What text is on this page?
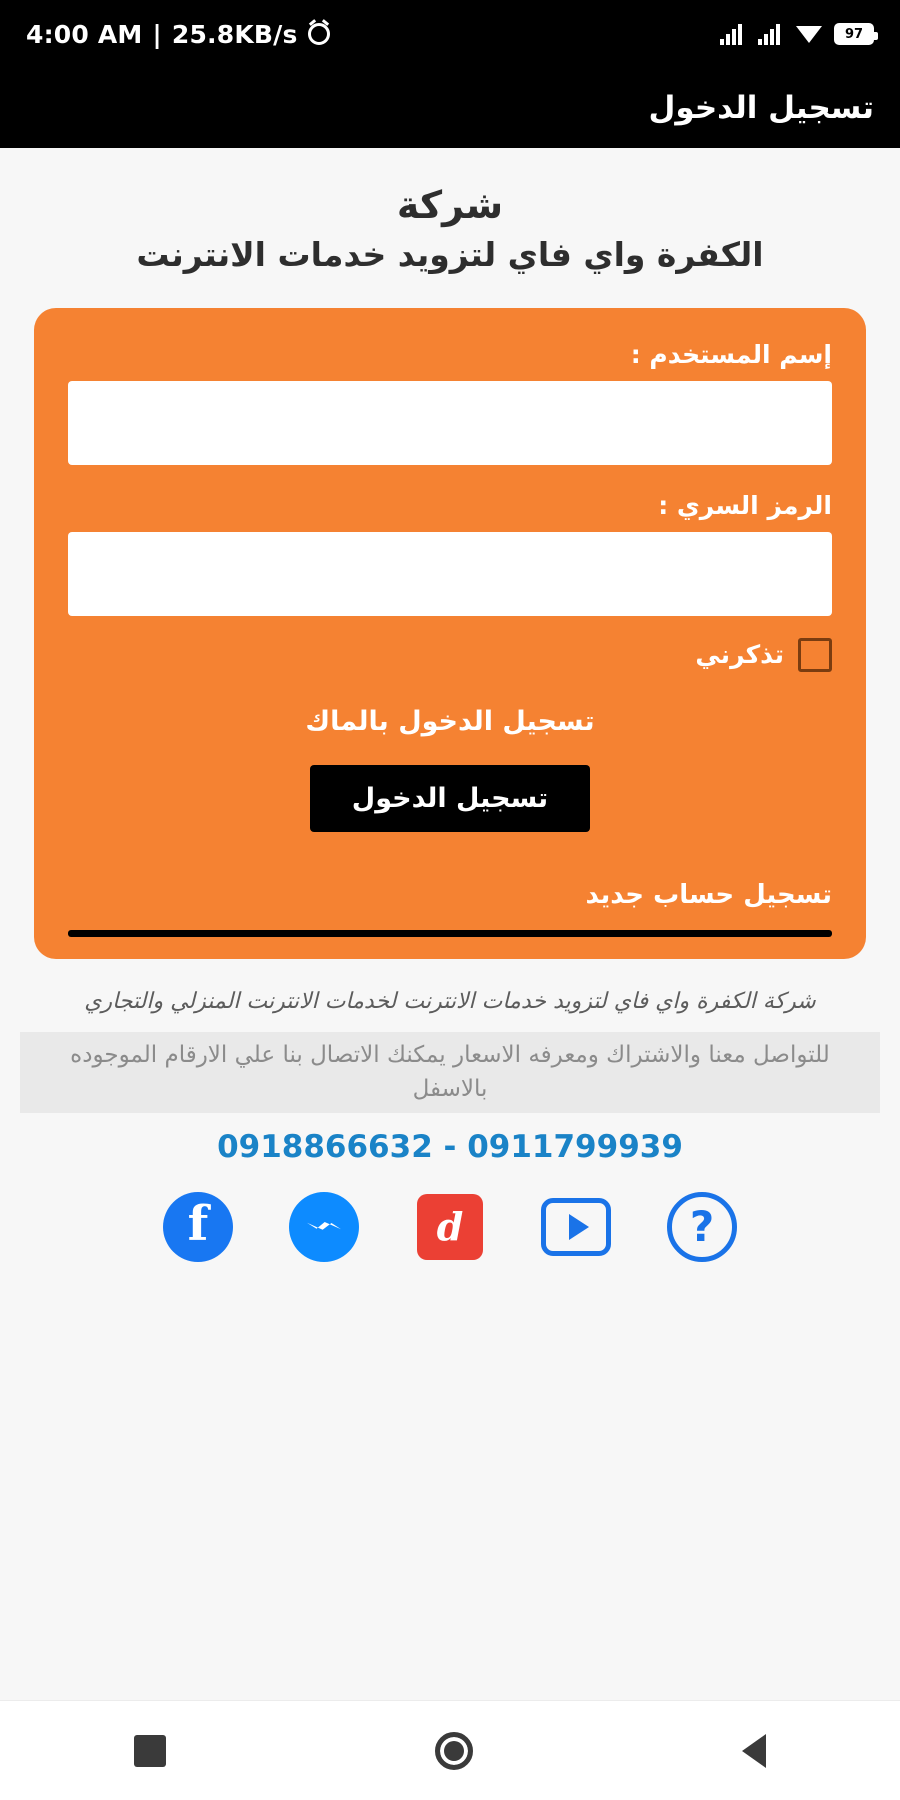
4:00 AM | 25.8KB/s	97
تسجيل الدخول
شركة
الكفرة واي فاي لتزويد خدمات الانترنت
إسم المستخدم :
الرمز السري :
تذكرني
تسجيل الدخول بالماك
تسجيل الدخول
تسجيل حساب جديد
شركة الكفرة واي فاي لتزويد خدمات الانترنت لخدمات الانترنت المنزلي والتجاري
للتواصل معنا والاشتراك ومعرفه الاسعار يمكنك الاتصال بنا علي الارقام الموجوده بالاسفل
0918866632 - 0911799939
f	d	?
